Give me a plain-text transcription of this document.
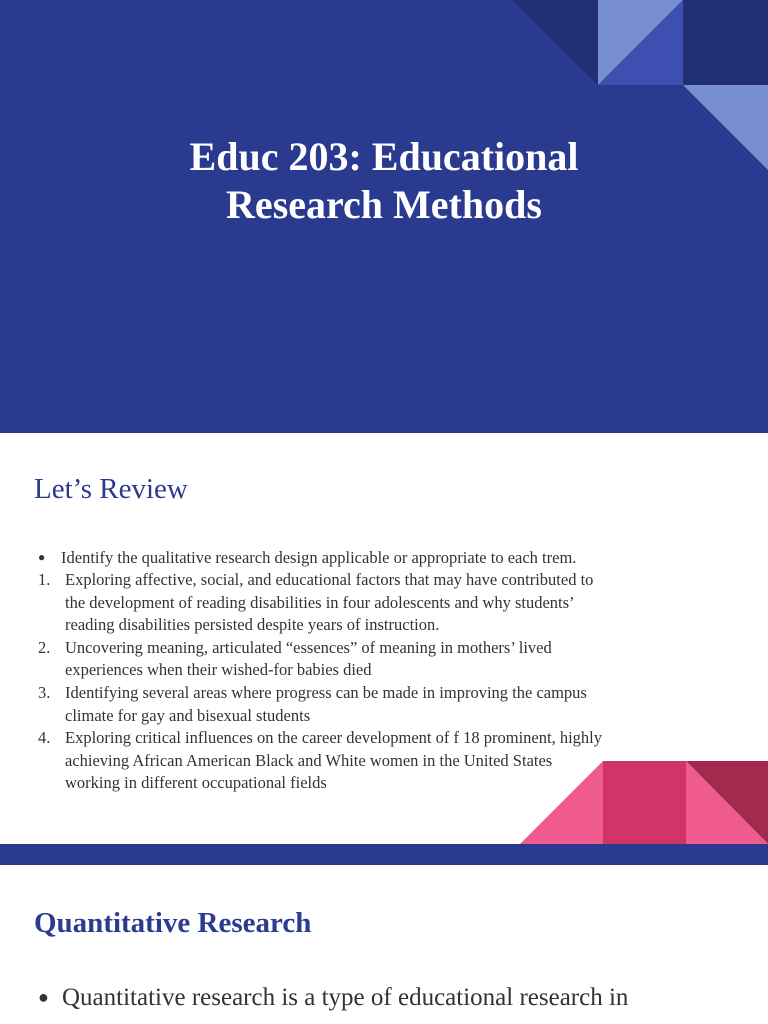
Educ 203: Educational
Research Methods
Let’s Review
● Identify the qualitative research design applicable or appropriate to each trem.
1. Exploring affective, social, and educational factors that may have contributed to
the development of reading disabilities in four adolescents and why students’
reading disabilities persisted despite years of instruction.
2. Uncovering meaning, articulated “essences” of meaning in mothers’ lived
experiences when their wished-for babies died
3. Identifying several areas where progress can be made in improving the campus
climate for gay and bisexual students
4. Exploring critical influences on the career development of f 18 prominent, highly
achieving African American Black and White women in the United States
working in different occupational fields
Quantitative Research
● Quantitative research is a type of educational research in
